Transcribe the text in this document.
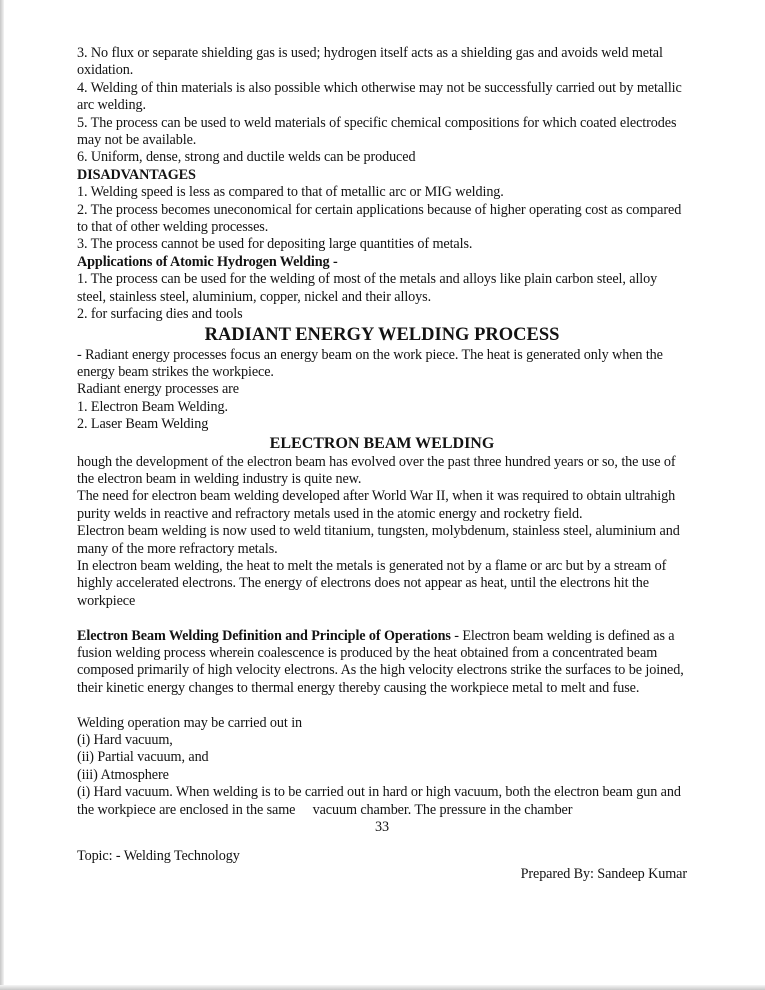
3. No flux or separate shielding gas is used; hydrogen itself acts as a shielding gas and avoids weld metal oxidation.

4. Welding of thin materials is also possible which otherwise may not be successfully carried out by metallic arc welding.

5. The process can be used to weld materials of specific chemical compositions for which coated electrodes may not be available.

6. Uniform, dense, strong and ductile welds can be produced

DISADVANTAGES

1. Welding speed is less as compared to that of metallic arc or MIG welding.

2. The process becomes uneconomical for certain applications because of higher operating cost as compared to that of other welding processes.

3. The process cannot be used for depositing large quantities of metals.

Applications of Atomic Hydrogen Welding -

1. The process can be used for the welding of most of the metals and alloys like plain carbon steel, alloy steel, stainless steel, aluminium, copper, nickel and their alloys.

2. for surfacing dies and tools

RADIANT ENERGY WELDING PROCESS

- Radiant energy processes focus an energy beam on the work piece. The heat is generated only when the energy beam strikes the workpiece.

Radiant energy processes are

1. Electron Beam Welding.

2. Laser Beam Welding

ELECTRON BEAM WELDING

hough the development of the electron beam has evolved over the past three hundred years or so, the use of the electron beam in welding industry is quite new.

The need for electron beam welding developed after World War II, when it was required to obtain ultrahigh purity welds in reactive and refractory metals used in the atomic energy and rocketry field.

Electron beam welding is now used to weld titanium, tungsten, molybdenum, stainless steel, aluminium and many of the more refractory metals.

In electron beam welding, the heat to melt the metals is generated not by a flame or arc but by a stream of highly accelerated electrons. The energy of electrons does not appear as heat, until the electrons hit the workpiece

Electron Beam Welding Definition and Principle of Operations - Electron beam welding is defined as a fusion welding process wherein coalescence is produced by the heat obtained from a concentrated beam composed primarily of high velocity electrons. As the high velocity electrons strike the surfaces to be joined, their kinetic energy changes to thermal energy thereby causing the workpiece metal to melt and fuse.

Welding operation may be carried out in

(i) Hard vacuum,

(ii) Partial vacuum, and

(iii) Atmosphere

(i) Hard vacuum. When welding is to be carried out in hard or high vacuum, both the electron beam gun and the workpiece are enclosed in the same     vacuum chamber. The pressure in the chamber

33

Topic: - Welding Technology

Prepared By: Sandeep Kumar
